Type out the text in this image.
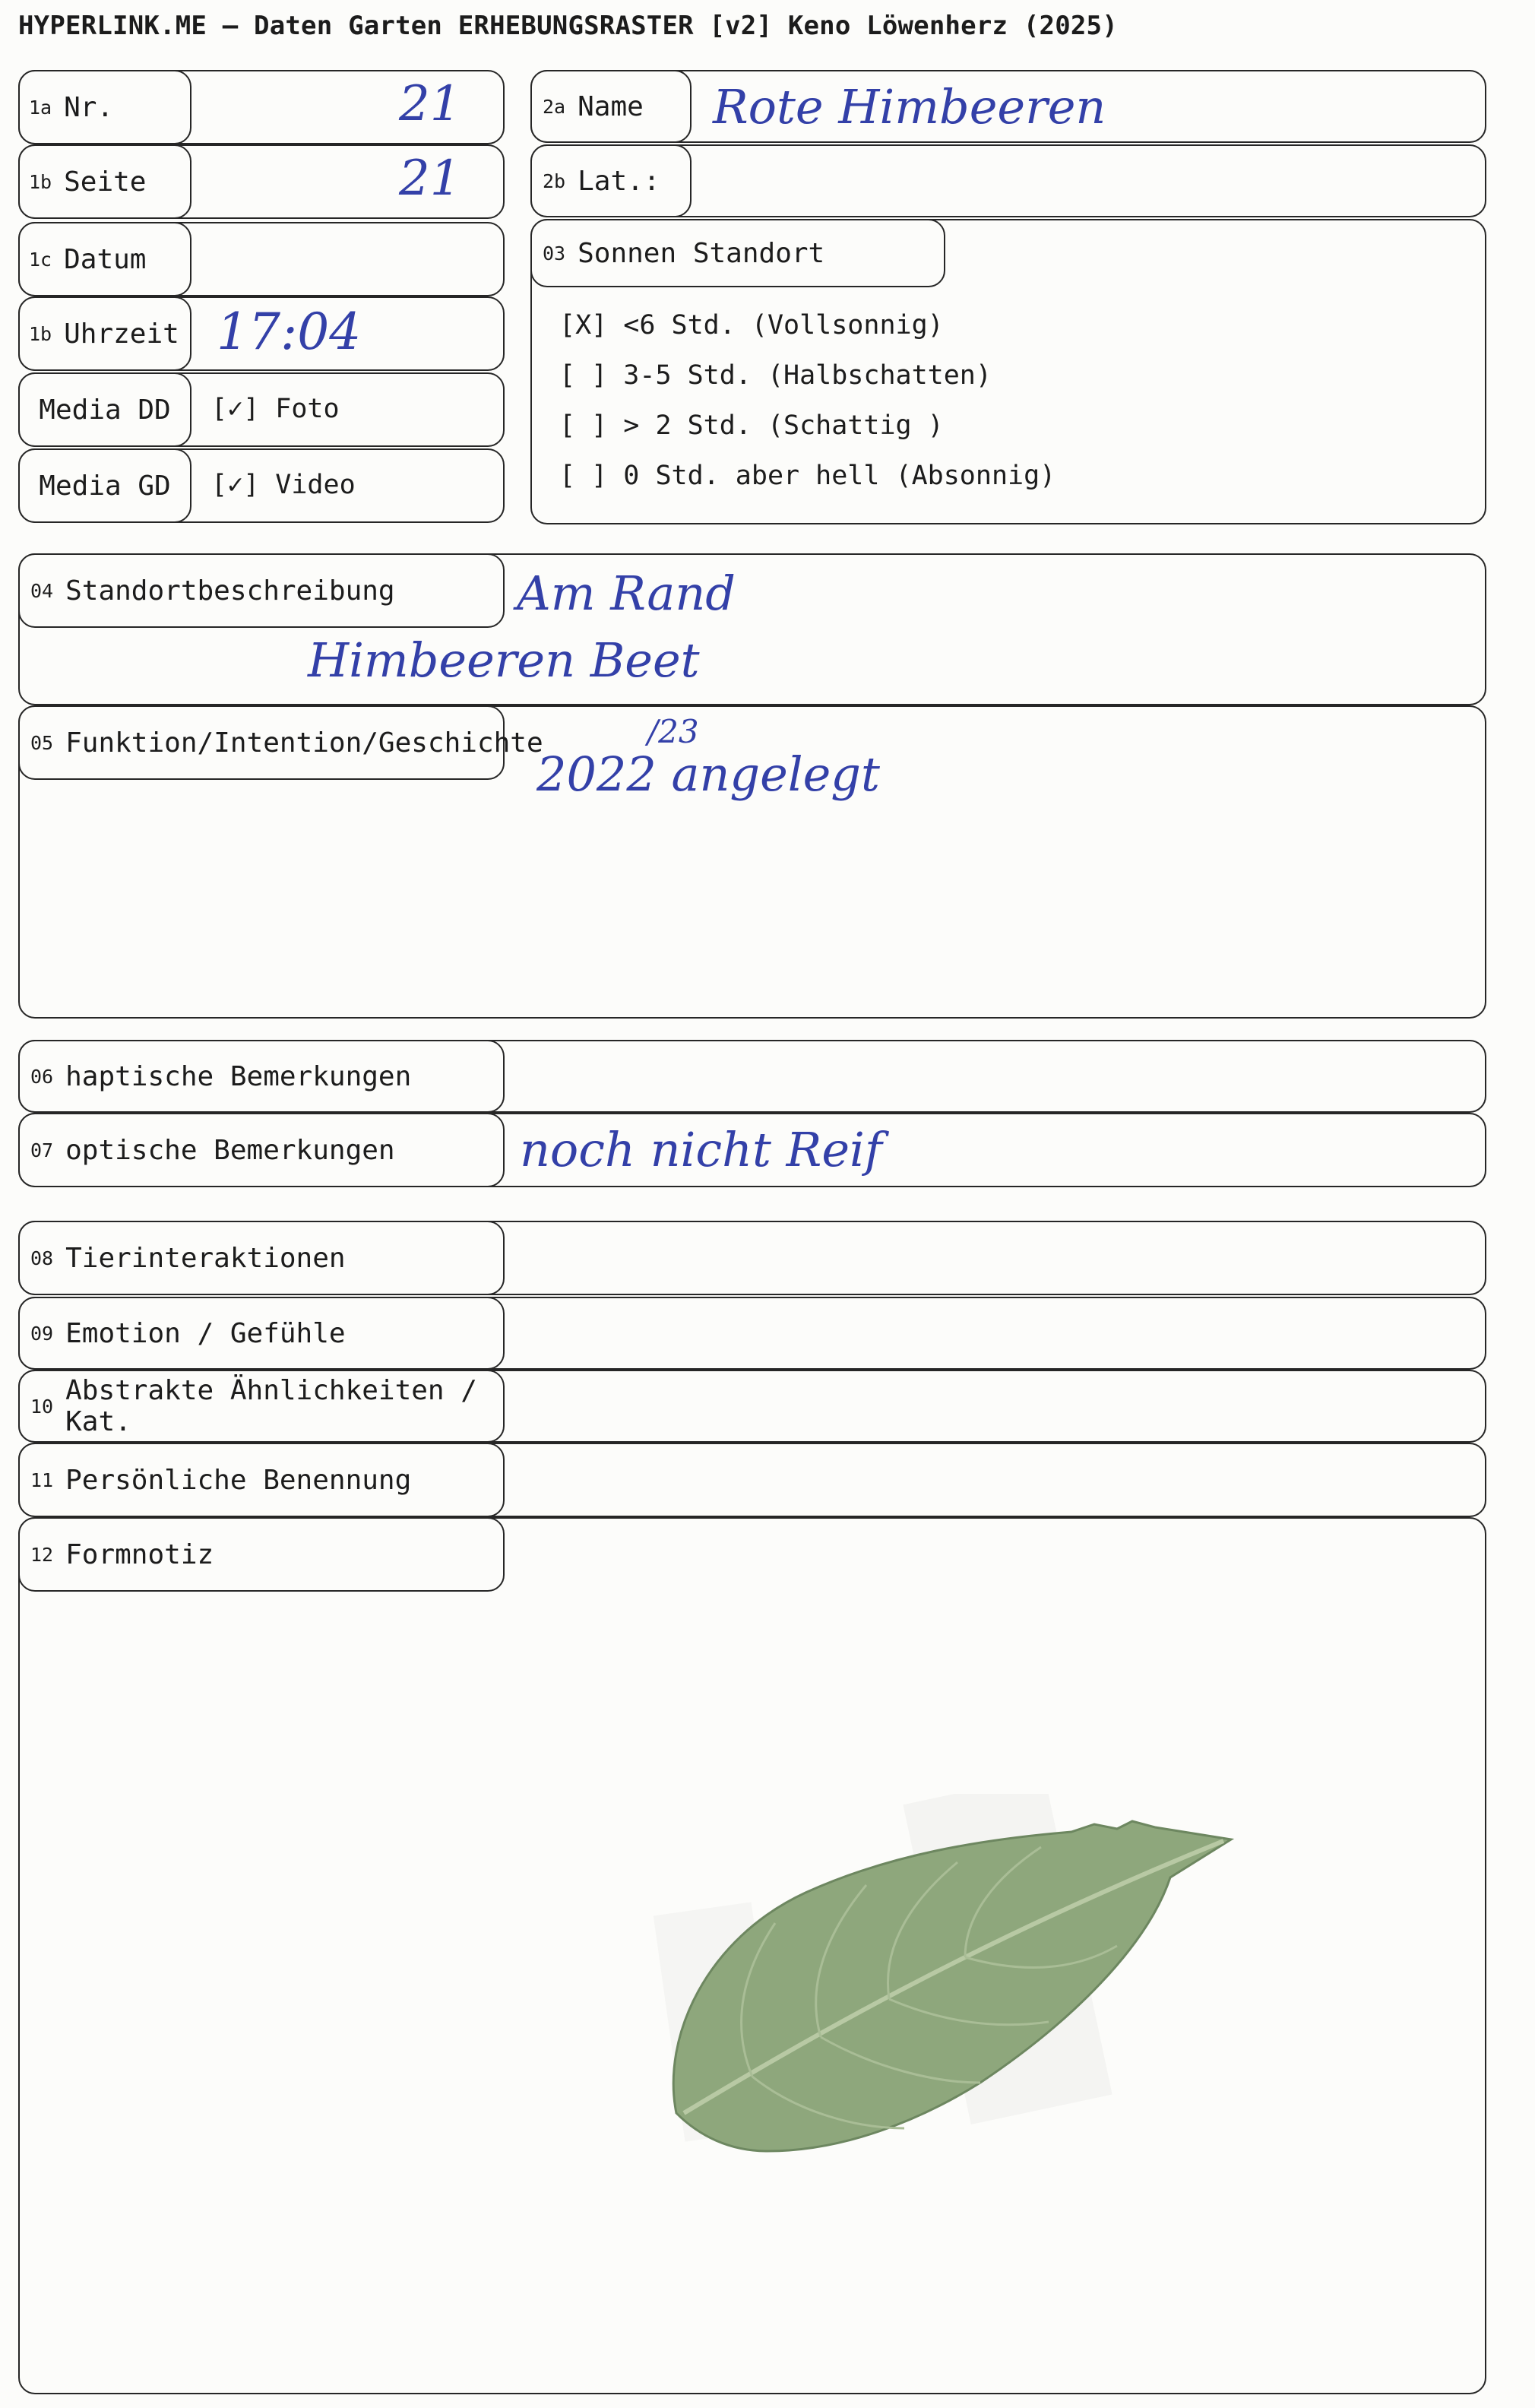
HYPERLINK.ME – Daten Garten ERHEBUNGSRASTER [v2] Keno Löwenherz (2025)
1a Nr.	21
1b Seite	21
1c Datum
1b Uhrzeit 17:04
Media DD [✓] Foto
Media GD [✓] Video
2a Name Rote Himbeeren
2b Lat.:
03 Sonnen Standort
[X] <6 Std. (Vollsonnig)
[ ] 3-5 Std. (Halbschatten)
[ ] > 2 Std. (Schattig )
[ ] 0 Std. aber hell (Absonnig)
04 Standortbeschreibung	Am Rand
Himbeeren Beet
05 Funktion/Intention/Geschichte	/23
2022 angelegt
06 haptische Bemerkungen
07 optische Bemerkungen	noch nicht Reif
08 Tierinteraktionen
09 Emotion / Gefühle
10 Abstrakte Ähnlichkeiten / Kat.
11 Persönliche Benennung
12 Formnotiz
